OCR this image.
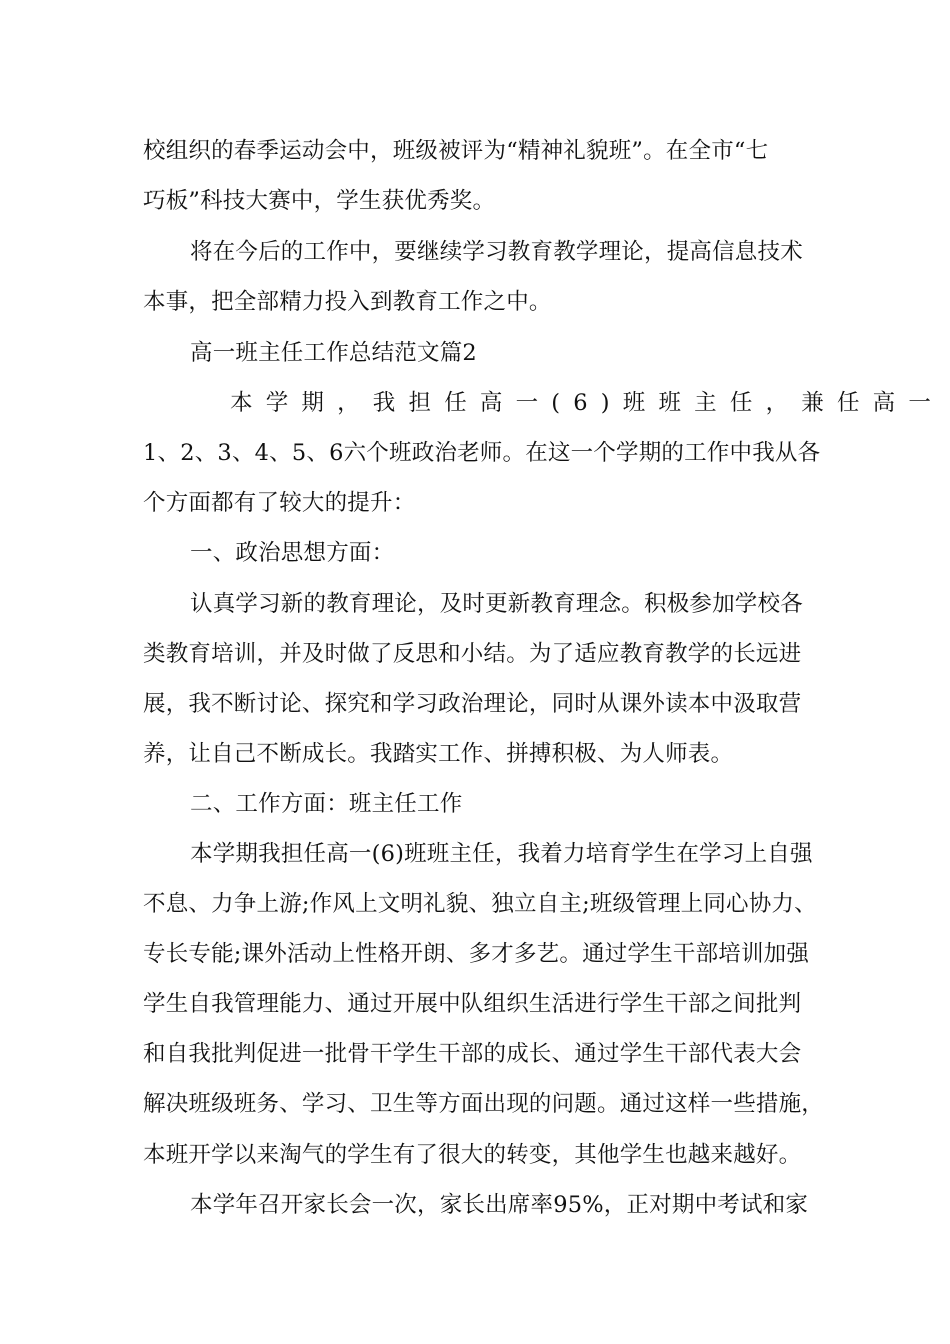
校组织的春季运动会中，班级被评为“精神礼貌班”。在全市“七
巧板”科技大赛中，学生获优秀奖。
将在今后的工作中，要继续学习教育教学理论，提高信息技术
本事，把全部精力投入到教育工作之中。
高一班主任工作总结范文篇2
本学期，我担任高一(6)班班主任，兼任高一
1、2、3、4、5、6六个班政治老师。在这一个学期的工作中我从各
个方面都有了较大的提升：
一、政治思想方面：
认真学习新的教育理论，及时更新教育理念。积极参加学校各
类教育培训，并及时做了反思和小结。为了适应教育教学的长远进
展，我不断讨论、探究和学习政治理论，同时从课外读本中汲取营
养，让自己不断成长。我踏实工作、拼搏积极、为人师表。
二、工作方面：班主任工作
本学期我担任高一(6)班班主任，我着力培育学生在学习上自强
不息、力争上游;作风上文明礼貌、独立自主;班级管理上同心协力、
专长专能;课外活动上性格开朗、多才多艺。通过学生干部培训加强
学生自我管理能力、通过开展中队组织生活进行学生干部之间批判
和自我批判促进一批骨干学生干部的成长、通过学生干部代表大会
解决班级班务、学习、卫生等方面出现的问题。通过这样一些措施，
本班开学以来淘气的学生有了很大的转变，其他学生也越来越好。
本学年召开家长会一次，家长出席率95%，正对期中考试和家
